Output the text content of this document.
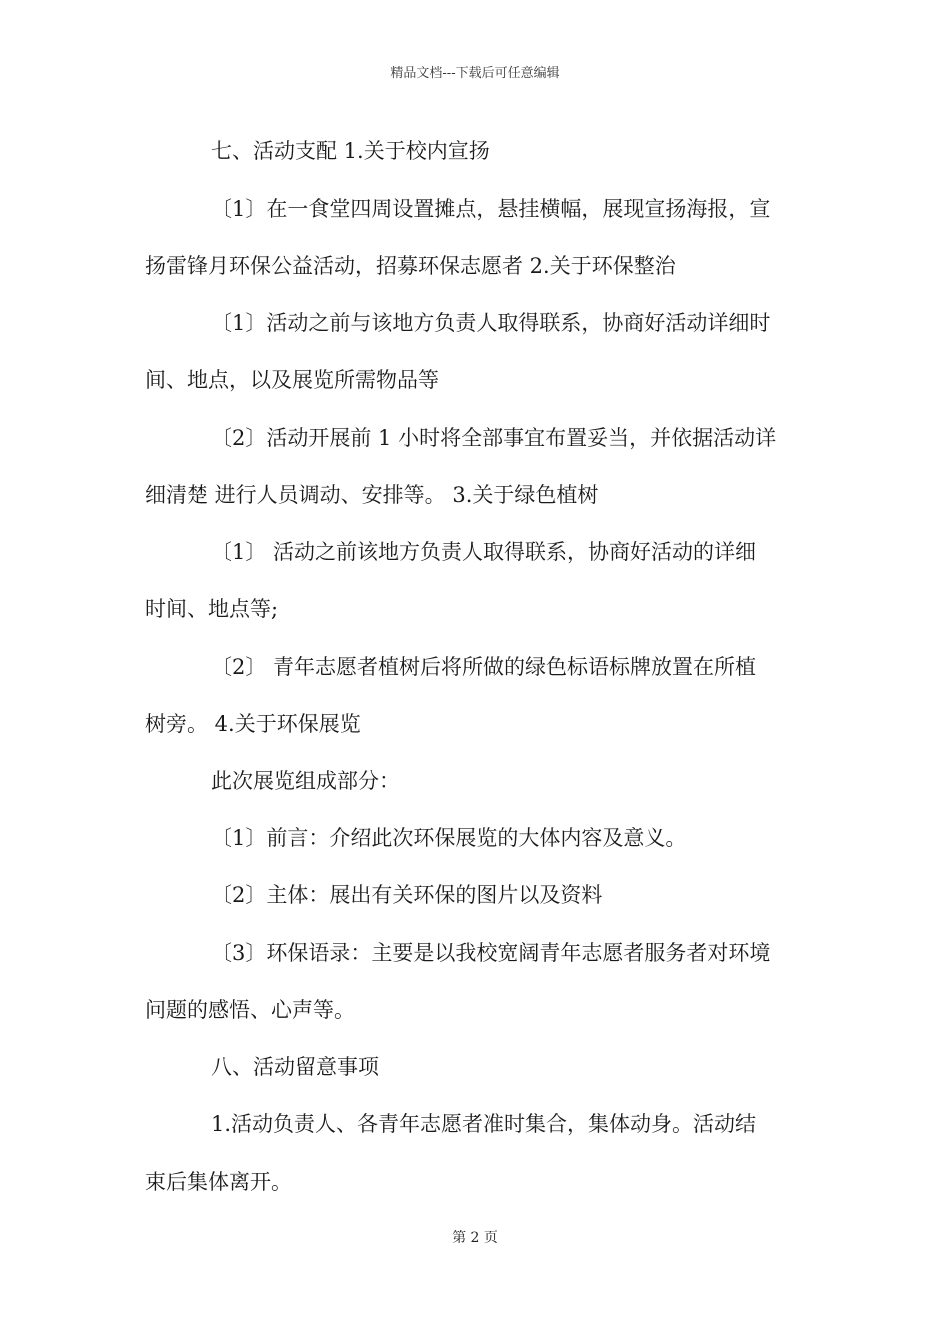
精品文档---下载后可任意编辑
七、活动支配 1.关于校内宣扬
〔1〕在一食堂四周设置摊点，悬挂横幅，展现宣扬海报，宣
扬雷锋月环保公益活动，招募环保志愿者 2.关于环保整治
〔1〕活动之前与该地方负责人取得联系，协商好活动详细时
间、地点，以及展览所需物品等
〔2〕活动开展前 1 小时将全部事宜布置妥当，并依据活动详
细清楚 进行人员调动、安排等。 3.关于绿色植树
〔1〕 活动之前该地方负责人取得联系，协商好活动的详细
时间、地点等;
〔2〕 青年志愿者植树后将所做的绿色标语标牌放置在所植
树旁。 4.关于环保展览
此次展览组成部分：
〔1〕前言：介绍此次环保展览的大体内容及意义。
〔2〕主体：展出有关环保的图片以及资料
〔3〕环保语录：主要是以我校宽阔青年志愿者服务者对环境
问题的感悟、心声等。
八、活动留意事项
1.活动负责人、各青年志愿者准时集合，集体动身。活动结
束后集体离开。
第 2 页
